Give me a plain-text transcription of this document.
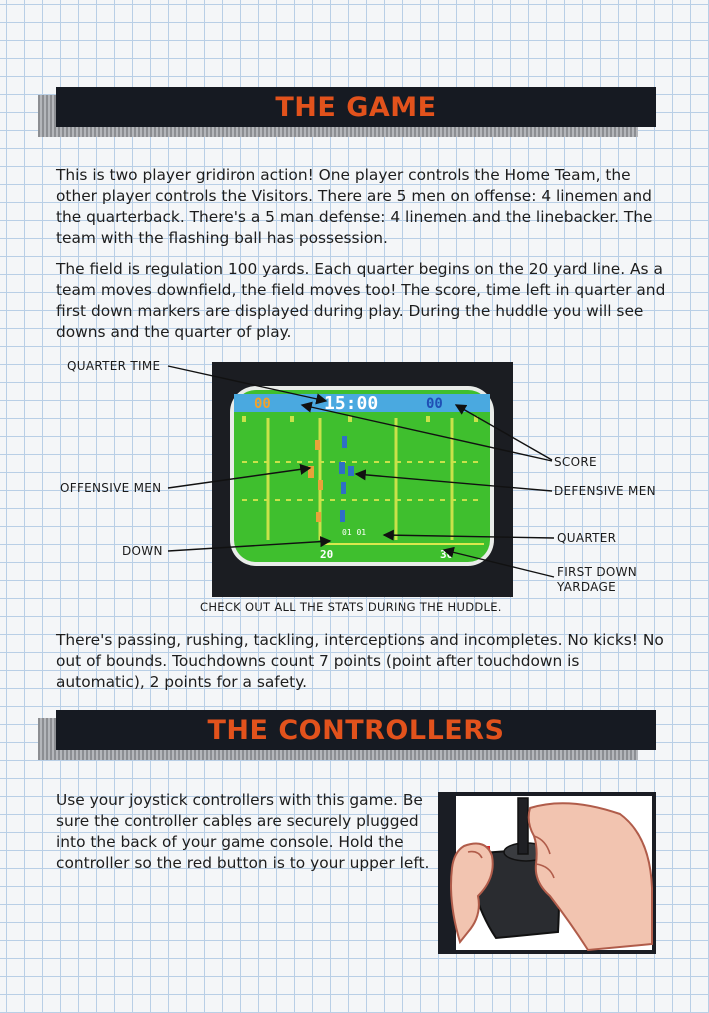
THE GAME

This is two player gridiron action! One player controls the Home Team, the other player controls the Visitors. There are 5 men on offense: 4 linemen and the quarterback. There's a 5 man defense: 4 linemen and the linebacker. The team with the flashing ball has possession.

The field is regulation 100 yards. Each quarter begins on the 20 yard line. As a team moves downfield, the field moves too! The score, time left in quarter and first down markers are displayed during play. During the huddle you will see downs and the quarter of play.

00	15:00	00
01 01
20	30
QUARTER TIME
OFFENSIVE MEN
DOWN
SCORE
DEFENSIVE MEN
QUARTER
FIRST DOWN
YARDAGE
CHECK OUT ALL THE STATS DURING THE HUDDLE.

There's passing, rushing, tackling, interceptions and incompletes. No kicks! No out of bounds. Touchdowns count 7 points (point after touchdown is automatic), 2 points for a safety.

THE CONTROLLERS

Use your joystick controllers with this game. Be sure the controller cables are securely plugged into the back of your game console. Hold the controller so the red button is to your upper left.
